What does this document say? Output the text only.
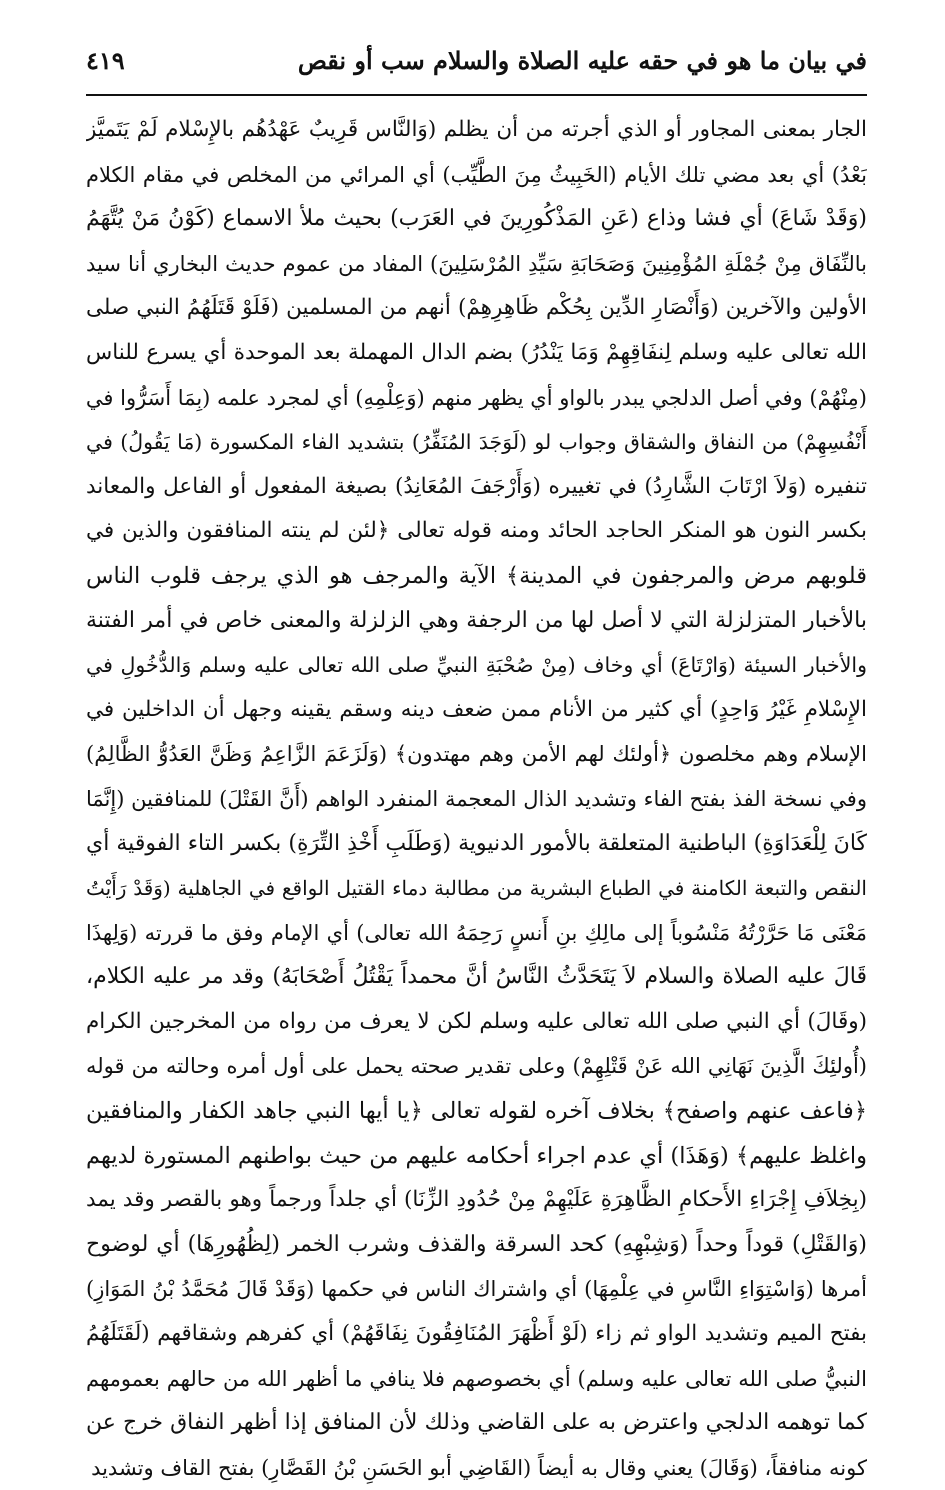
في بيان ما هو في حقه عليه الصلاة والسلام سب أو نقص
٤١٩
الجار بمعنى المجاور أو الذي أجرته من أن يظلم (وَالنَّاس قَرِيبٌ عَهْدُهُم بالإِسْلام لَمْ يَتَميَّز
بَعْدُ) أي بعد مضي تلك الأيام (الخَبِيثُ مِنَ الطَّيِّب) أي المرائي من المخلص في مقام الكلام
(وَقَدْ شَاعَ) أي فشا وذاع (عَنِ المَذْكُورِينَ في العَرَب) بحيث ملأ الاسماع (كَوْنُ مَنْ يُتَّهَمُ
بالنِّفَاق مِنْ جُمْلَةِ المُؤْمِنِينَ وَصَحَابَةِ سَيِّدِ المُرْسَلِينَ) المفاد من عموم حديث البخاري أنا سيد
الأولين والآخرين (وَأَنْصَارِ الدِّين بِحُكْم ظَاهِرِهِمْ) أنهم من المسلمين (فَلَوْ قَتَلَهُمُ النبي صلى
الله تعالى عليه وسلم لِنفَاقِهِمْ وَمَا يَنْدُرُ) بضم الدال المهملة بعد الموحدة أي يسرع للناس
(مِنْهُمْ) وفي أصل الدلجي يبدر بالواو أي يظهر منهم (وَعِلْمِهِ) أي لمجرد علمه (بِمَا أَسَرُّوا في
أَنْفُسِهِمْ) من النفاق والشقاق وجواب لو (لَوَجَدَ المُنَفِّرُ) بتشديد الفاء المكسورة (مَا يَقُولُ) في
تنفيره (وَلاَ ارْتَابَ الشَّارِدُ) في تغييره (وَأَرْجَفَ المُعَانِدُ) بصيغة المفعول أو الفاعل والمعاند
بكسر النون هو المنكر الحاجد الحائد ومنه قوله تعالى ﴿لئن لم ينته المنافقون والذين في
قلوبهم مرض والمرجفون في المدينة﴾ الآية والمرجف هو الذي يرجف قلوب الناس
بالأخبار المتزلزلة التي لا أصل لها من الرجفة وهي الزلزلة والمعنى خاص في أمر الفتنة
والأخبار السيئة (وَارْتَاعَ) أي وخاف (مِنْ صُحْبَةِ النبيِّ صلى الله تعالى عليه وسلم وَالدُّخُولِ في
الإِسْلامِ غَيْرُ وَاحِدٍ) أي كثير من الأنام ممن ضعف دينه وسقم يقينه وجهل أن الداخلين في
الإسلام وهم مخلصون ﴿أولئك لهم الأمن وهم مهتدون﴾ (وَلَزَعَمَ الزَّاعِمُ وَظَنَّ العَدُوُّ الظَّالِمُ)
وفي نسخة الفذ بفتح الفاء وتشديد الذال المعجمة المنفرد الواهم (أَنَّ القَتْلَ) للمنافقين (إِنَّمَا
كَانَ لِلْعَدَاوَةِ) الباطنية المتعلقة بالأمور الدنيوية (وَطَلَبِ أَخْذِ التِّرَةِ) بكسر التاء الفوقية أي
النقص والتبعة الكامنة في الطباع البشرية من مطالبة دماء القتيل الواقع في الجاهلية (وَقَدْ رَأَيْتُ
مَعْنَى مَا حَرَّرْتُهُ مَنْسُوباً إلى مالِكِ بنِ أَنسٍ رَحِمَهُ الله تعالى) أي الإمام وفق ما قررته (وَلِهذَا
قَالَ عليه الصلاة والسلام لاَ يَتَحَدَّثُ النَّاسُ أنَّ محمداً يَقْتُلُ أَصْحَابَهُ) وقد مر عليه الكلام،
(وقَالَ) أي النبي صلى الله تعالى عليه وسلم لكن لا يعرف من رواه من المخرجين الكرام
(أُولئِكَ الَّذِينَ نَهَانِي الله عَنْ قَتْلِهِمْ) وعلى تقدير صحته يحمل على أول أمره وحالته من قوله
﴿فاعف عنهم واصفح﴾ بخلاف آخره لقوله تعالى ﴿يا أيها النبي جاهد الكفار والمنافقين
واغلظ عليهم﴾ (وَهَذَا) أي عدم اجراء أحكامه عليهم من حيث بواطنهم المستورة لديهم
(بِخِلاَفِ إِجْرَاءِ الأَحكامِ الظَّاهِرَةِ عَلَيْهِمْ مِنْ حُدُودِ الزِّنَا) أي جلداً ورجماً وهو بالقصر وقد يمد
(وَالقَتْلِ) قوداً وحداً (وَشِبْهِهِ) كحد السرقة والقذف وشرب الخمر (لِظُهُورِهَا) أي لوضوح
أمرها (وَاسْتِوَاءِ النَّاسِ في عِلْمِهَا) أي واشتراك الناس في حكمها (وَقَدْ قَالَ مُحَمَّدُ بْنُ المَوَازِ)
بفتح الميم وتشديد الواو ثم زاء (لَوْ أَظْهَرَ المُنَافِقُونَ نِفَاقَهُمْ) أي كفرهم وشقاقهم (لَقَتَلَهُمُ
النبيُّ صلى الله تعالى عليه وسلم) أي بخصوصهم فلا ينافي ما أظهر الله من حالهم بعمومهم
كما توهمه الدلجي واعترض به على القاضي وذلك لأن المنافق إذا أظهر النفاق خرج عن
كونه منافقاً، (وَقَالَ) يعني وقال به أيضاً (القَاضِي أبو الحَسَنِ بْنُ القَصَّارِ) بفتح القاف وتشديد
